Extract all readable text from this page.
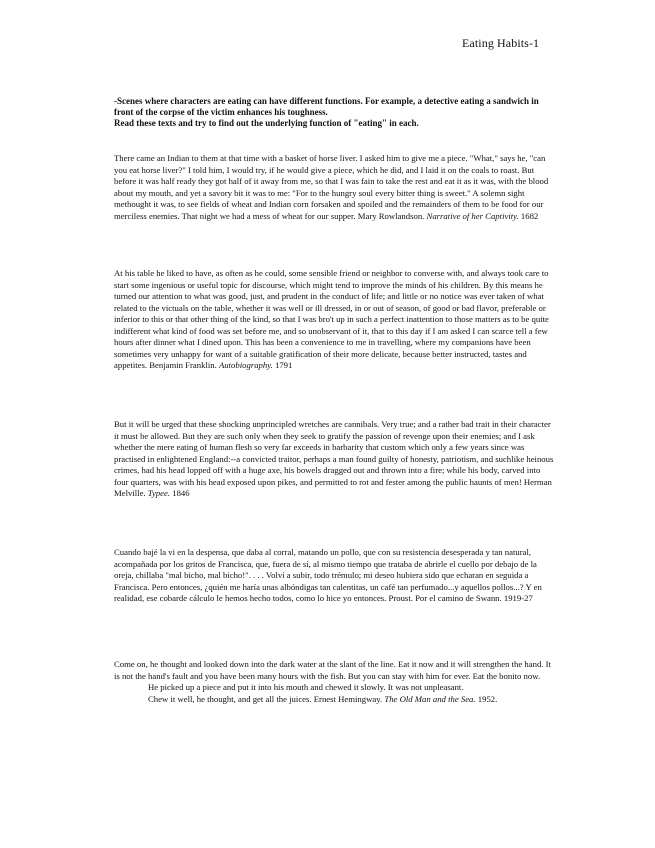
Eating Habits-1

-Scenes where characters are eating can have different functions. For example, a detective eating a sandwich in front of the corpse of the victim enhances his toughness.

Read these texts and try to find out the underlying function of "eating" in each.

There came an Indian to them at that time with a basket of horse liver. I asked him to give me a piece. "What," says he, "can you eat horse liver?" I told him, I would try, if he would give a piece, which he did, and I laid it on the coals to roast. But before it was half ready they got half of it away from me, so that I was fain to take the rest and eat it as it was, with the blood about my mouth, and yet a savory bit it was to me: "For to the hungry soul every bitter thing is sweet." A solemn sight methought it was, to see fields of wheat and Indian corn forsaken and spoiled and the remainders of them to be food for our merciless enemies. That night we had a mess of wheat for our supper. Mary Rowlandson. Narrative of her Captivity. 1682

At his table he liked to have, as often as he could, some sensible friend or neighbor to converse with, and always took care to start some ingenious or useful topic for discourse, which might tend to improve the minds of his children. By this means he turned our attention to what was good, just, and prudent in the conduct of life; and little or no notice was ever taken of what related to the victuals on the table, whether it was well or ill dressed, in or out of season, of good or bad flavor, preferable or inferior to this or that other thing of the kind, so that I was bro't up in such a perfect inattention to those matters as to be quite indifferent what kind of food was set before me, and so unobservant of it, that to this day if I am asked I can scarce tell a few hours after dinner what I dined upon. This has been a convenience to me in travelling, where my companions have been sometimes very unhappy for want of a suitable gratification of their more delicate, because better instructed, tastes and appetites. Benjamin Franklin. Autobiography. 1791

But it will be urged that these shocking unprincipled wretches are cannibals. Very true; and a rather bad trait in their character it must be allowed. But they are such only when they seek to gratify the passion of revenge upon their enemies; and I ask whether the mere eating of human flesh so very far exceeds in barbarity that custom which only a few years since was practised in enlightened England:--a convicted traitor, perhaps a man found guilty of honesty, patriotism, and suchlike heinous crimes, had his head lopped off with a huge axe, his bowels dragged out and thrown into a fire; while his body, carved into four quarters, was with his head exposed upon pikes, and permitted to rot and fester among the public haunts of men! Herman Melville. Typee. 1846

Cuando bajé la vi en la despensa, que daba al corral, matando un pollo, que con su resistencia desesperada y tan natural, acompañada por los gritos de Francisca, que, fuera de sí, al mismo tiempo que trataba de abrirle el cuello por debajo de la oreja, chillaba "mal bicho, mal bicho!". . . . Volví a subir, todo trémulo; mi deseo hubiera sido que echaran en seguida a Francisca. Pero entonces, ¿quién me haría unas albóndigas tan calentitas, un café tan perfumado...y aquellos pollos...? Y en realidad, ese cobarde cálculo le hemos hecho todos, como lo hice yo entonces. Proust. Por el camino de Swann. 1919-27

Come on, he thought and looked down into the dark water at the slant of the line. Eat it now and it will strengthen the hand. It is not the hand's fault and you have been many hours with the fish. But you can stay with him for ever. Eat the bonito now.

He picked up a piece and put it into his mouth and chewed it slowly. It was not unpleasant.

Chew it well, he thought, and get all the juices. Ernest Hemingway. The Old Man and the Sea. 1952.
